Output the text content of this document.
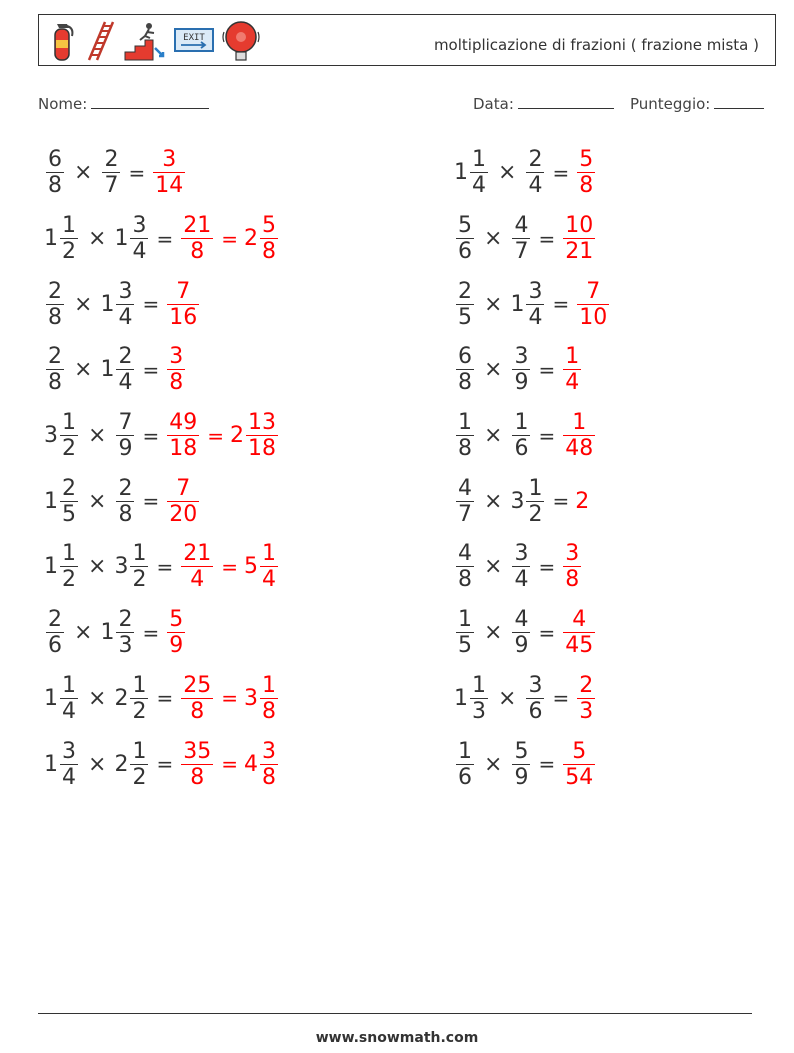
EXIT	moltiplicazione di frazioni ( frazione mista )
Nome:	Data:	Punteggio:
$\frac{6}{8} \times \frac{2}{7} = \frac{3}{14}$
$1 \frac{1}{2} \times 1 \frac{3}{4} = \frac{21}{8} = 2 \frac{5}{8}$
$\frac{2}{8} \times 1 \frac{3}{4} = \frac{7}{16}$
$\frac{2}{8} \times 1 \frac{2}{4} = \frac{3}{8}$
$3 \frac{1}{2} \times \frac{7}{9} = \frac{49}{18} = 2 \frac{13}{18}$
$1 \frac{2}{5} \times \frac{2}{8} = \frac{7}{20}$
$1 \frac{1}{2} \times 3 \frac{1}{2} = \frac{21}{4} = 5 \frac{1}{4}$
$\frac{2}{6} \times 1 \frac{2}{3} = \frac{5}{9}$
$1 \frac{1}{4} \times 2 \frac{1}{2} = \frac{25}{8} = 3 \frac{1}{8}$
$1 \frac{3}{4} \times 2 \frac{1}{2} = \frac{35}{8} = 4 \frac{3}{8}$
$1 \frac{1}{4} \times \frac{2}{4} = \frac{5}{8}$
$\frac{5}{6} \times \frac{4}{7} = \frac{10}{21}$
$\frac{2}{5} \times 1 \frac{3}{4} = \frac{7}{10}$
$\frac{6}{8} \times \frac{3}{9} = \frac{1}{4}$
$\frac{1}{8} \times \frac{1}{6} = \frac{1}{48}$
$\frac{4}{7} \times 3 \frac{1}{2} = 2$
$\frac{4}{8} \times \frac{3}{4} = \frac{3}{8}$
$\frac{1}{5} \times \frac{4}{9} = \frac{4}{45}$
$1 \frac{1}{3} \times \frac{3}{6} = \frac{2}{3}$
$\frac{1}{6} \times \frac{5}{9} = \frac{5}{54}$
www.snowmath.com
